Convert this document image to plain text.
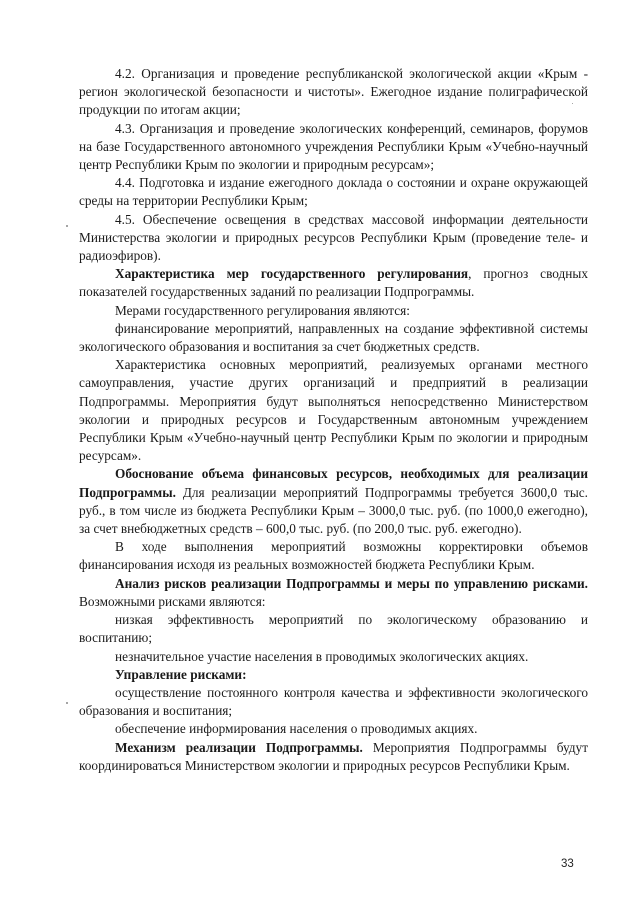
4.2. Организация и проведение республиканской экологической акции «Крым - регион экологической безопасности и чистоты». Ежегодное издание полиграфической продукции по итогам акции;

4.3. Организация и проведение экологических конференций, семинаров, форумов на базе Государственного автономного учреждения Республики Крым «Учебно-научный центр Республики Крым по экологии и природным ресурсам»;

4.4. Подготовка и издание ежегодного доклада о состоянии и охране окружающей среды на территории Республики Крым;

4.5. Обеспечение освещения в средствах массовой информации деятельности Министерства экологии и природных ресурсов Республики Крым (проведение теле- и радиоэфиров).

Характеристика мер государственного регулирования, прогноз сводных показателей государственных заданий по реализации Подпрограммы.

Мерами государственного регулирования являются:

финансирование мероприятий, направленных на создание эффективной системы экологического образования и воспитания за счет бюджетных средств.

Характеристика основных мероприятий, реализуемых органами местного самоуправления, участие других организаций и предприятий в реализации Подпрограммы. Мероприятия будут выполняться непосредственно Министерством экологии и природных ресурсов и Государственным автономным учреждением Республики Крым «Учебно-научный центр Республики Крым по экологии и природным ресурсам».

Обоснование объема финансовых ресурсов, необходимых для реализации Подпрограммы. Для реализации мероприятий Подпрограммы требуется 3600,0 тыс. руб., в том числе из бюджета Республики Крым – 3000,0 тыс. руб. (по 1000,0 ежегодно), за счет внебюджетных средств – 600,0 тыс. руб. (по 200,0 тыс. руб. ежегодно).

В ходе выполнения мероприятий возможны корректировки объемов финансирования исходя из реальных возможностей бюджета Республики Крым.

Анализ рисков реализации Подпрограммы и меры по управлению рисками. Возможными рисками являются:

низкая эффективность мероприятий по экологическому образованию и воспитанию;

незначительное участие населения в проводимых экологических акциях.

Управление рисками:

осуществление постоянного контроля качества и эффективности экологического образования и воспитания;

обеспечение информирования населения о проводимых акциях.

Механизм реализации Подпрограммы. Мероприятия Подпрограммы будут координироваться Министерством экологии и природных ресурсов Республики Крым.

33
